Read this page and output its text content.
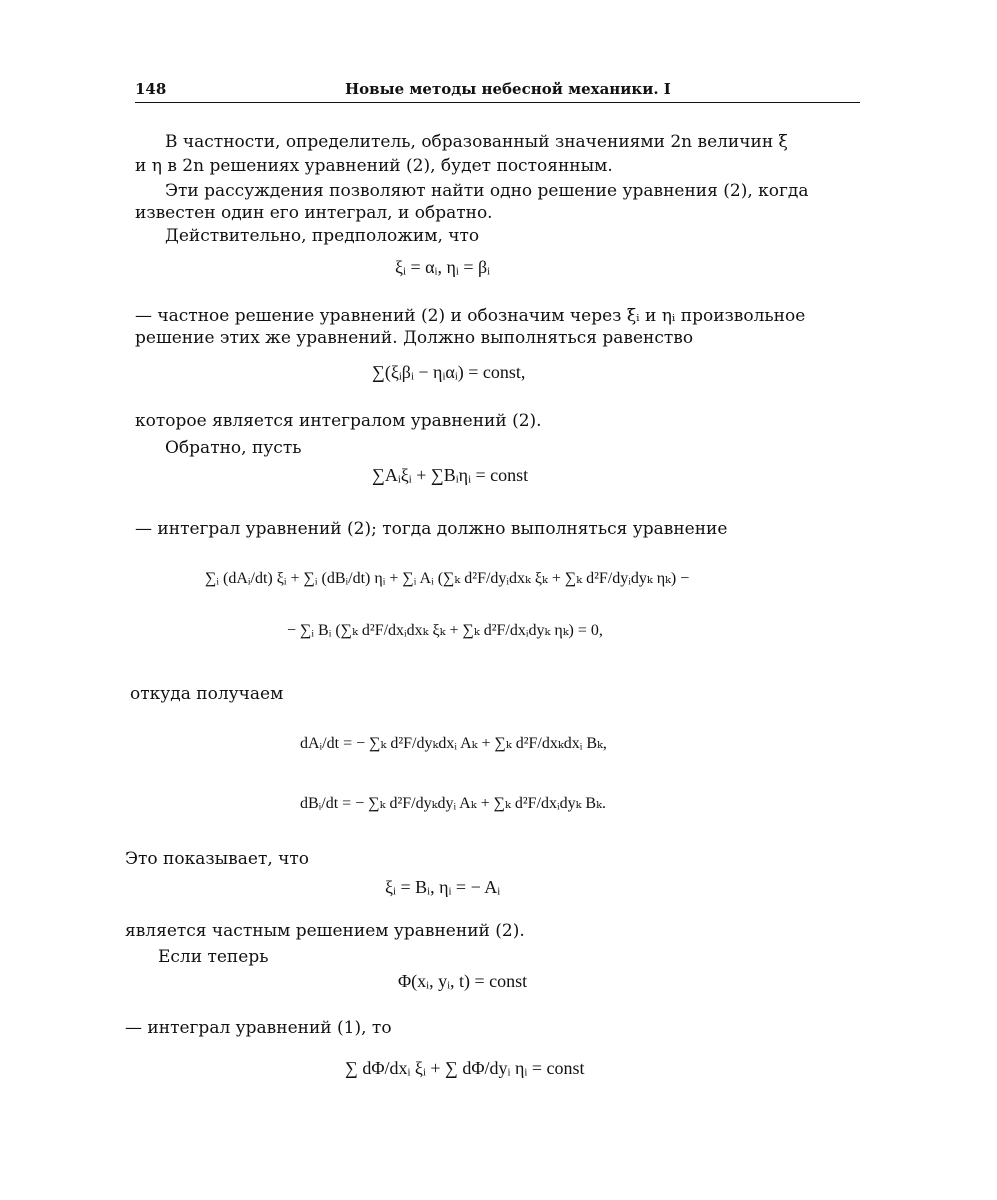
148	Новые методы небесной механики. I
В частности, определитель, образованный значениями 2n величин ξ
и η в 2n решениях уравнений (2), будет постоянным.
Эти рассуждения позволяют найти одно решение уравнения (2), когда
известен один его интеграл, и обратно.
Действительно, предположим, что
ξᵢ = αᵢ, ηᵢ = βᵢ
— частное решение уравнений (2) и обозначим через ξᵢ и ηᵢ произвольное
решение этих же уравнений. Должно выполняться равенство
∑(ξᵢβᵢ − ηᵢαᵢ) = const,
которое является интегралом уравнений (2).
Обратно, пусть
∑Aᵢξᵢ + ∑Bᵢηᵢ = const
— интеграл уравнений (2); тогда должно выполняться уравнение
∑ᵢ (dAᵢ/dt) ξᵢ + ∑ᵢ (dBᵢ/dt) ηᵢ + ∑ᵢ Aᵢ (∑ₖ d²F/dyᵢdxₖ ξₖ + ∑ₖ d²F/dyᵢdyₖ ηₖ) −
− ∑ᵢ Bᵢ (∑ₖ d²F/dxᵢdxₖ ξₖ + ∑ₖ d²F/dxᵢdyₖ ηₖ) = 0,
откуда получаем
dAᵢ/dt = − ∑ₖ d²F/dyₖdxᵢ Aₖ + ∑ₖ d²F/dxₖdxᵢ Bₖ,
dBᵢ/dt = − ∑ₖ d²F/dyₖdyᵢ Aₖ + ∑ₖ d²F/dxᵢdyₖ Bₖ.
Это показывает, что
ξᵢ = Bᵢ, ηᵢ = − Aᵢ
является частным решением уравнений (2).
Если теперь
Φ(xᵢ, yᵢ, t) = const
— интеграл уравнений (1), то
∑ dΦ/dxᵢ ξᵢ + ∑ dΦ/dyᵢ ηᵢ = const
